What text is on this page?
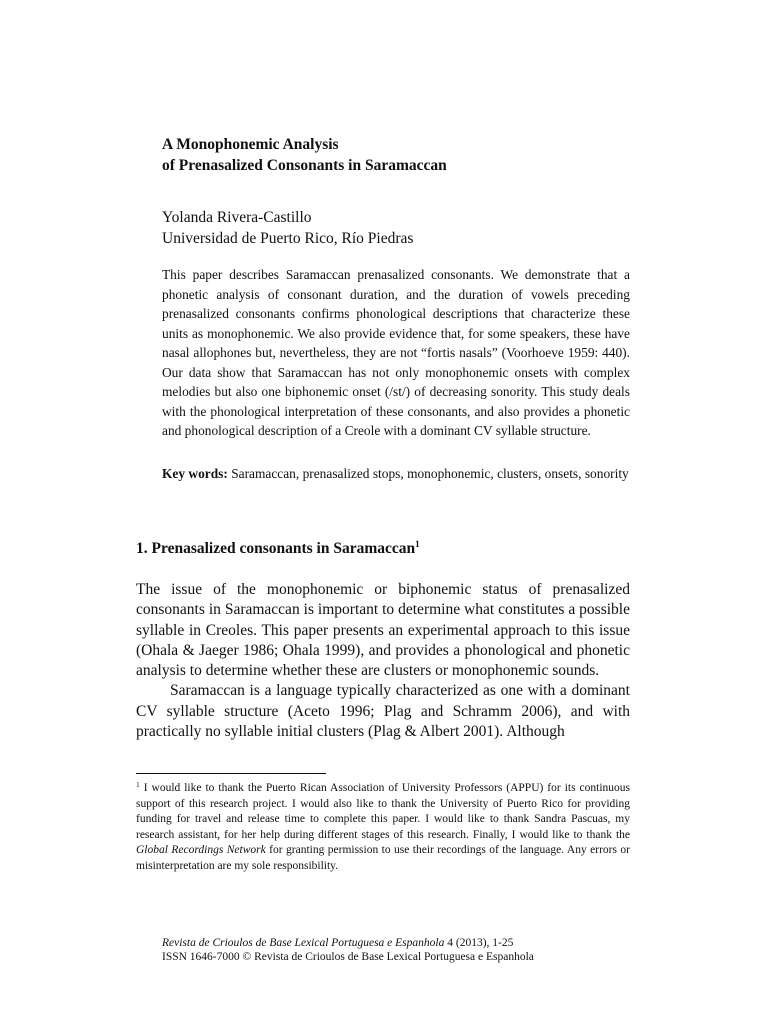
A Monophonemic Analysis
of Prenasalized Consonants in Saramaccan
Yolanda Rivera-Castillo
Universidad de Puerto Rico, Río Piedras

This paper describes Saramaccan prenasalized consonants. We demonstrate that a phonetic analysis of consonant duration, and the duration of vowels preceding prenasalized consonants confirms phonological descriptions that characterize these units as monophonemic. We also provide evidence that, for some speakers, these have nasal allophones but, nevertheless, they are not “fortis nasals” (Voorhoeve 1959: 440). Our data show that Saramaccan has not only monophonemic onsets with complex melodies but also one biphonemic onset (/st/) of decreasing sonority. This study deals with the phonological interpretation of these consonants, and also provides a phonetic and phonological description of a Creole with a dominant CV syllable structure.

Key words: Saramaccan, prenasalized stops, monophonemic, clusters, onsets, sonority

1. Prenasalized consonants in Saramaccan$^1$

The issue of the monophonemic or biphonemic status of prenasalized consonants in Saramaccan is important to determine what constitutes a possible syllable in Creoles. This paper presents an experimental approach to this issue (Ohala & Jaeger 1986; Ohala 1999), and provides a phonological and phonetic analysis to determine whether these are clusters or monophonemic sounds.

Saramaccan is a language typically characterized as one with a dominant CV syllable structure (Aceto 1996; Plag and Schramm 2006), and with practically no syllable initial clusters (Plag & Albert 2001). Although

$^1$ I would like to thank the Puerto Rican Association of University Professors (APPU) for its continuous support of this research project. I would also like to thank the University of Puerto Rico for providing funding for travel and release time to complete this paper. I would like to thank Sandra Pascuas, my research assistant, for her help during different stages of this research. Finally, I would like to thank the Global Recordings Network for granting permission to use their recordings of the language. Any errors or misinterpretation are my sole responsibility.

Revista de Crioulos de Base Lexical Portuguesa e Espanhola 4 (2013), 1-25
ISSN 1646-7000 © Revista de Crioulos de Base Lexical Portuguesa e Espanhola
